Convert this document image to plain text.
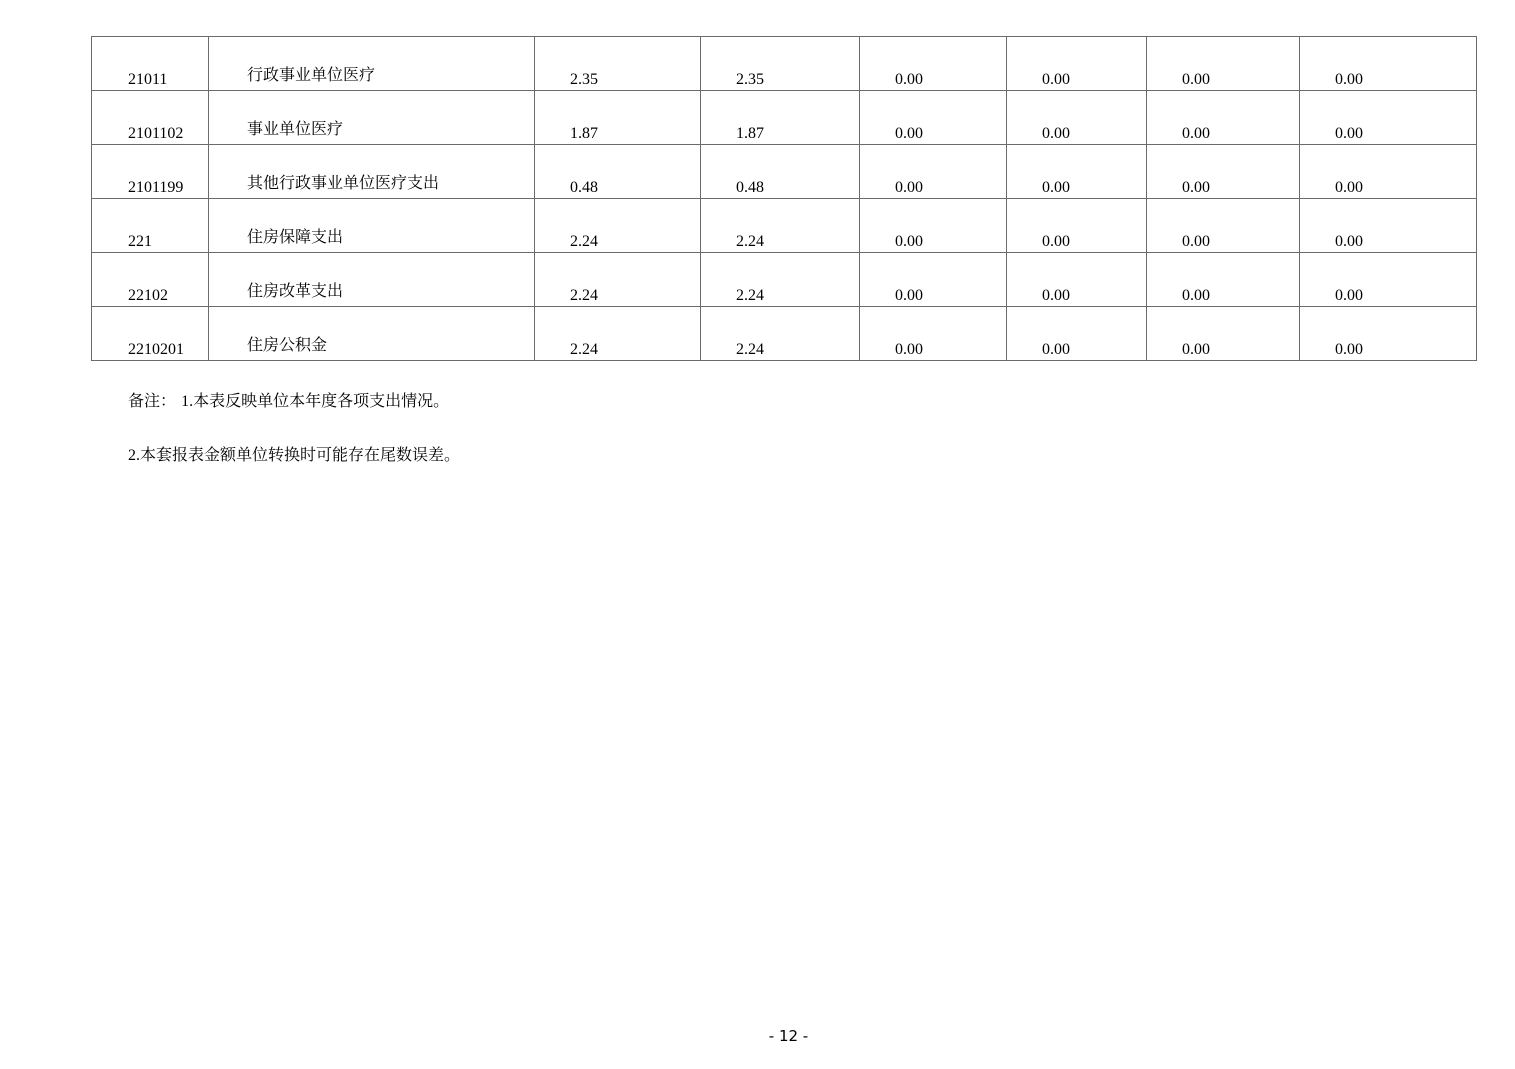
21011	行政事业单位医疗	2.35	2.35	0.00	0.00	0.00	0.00
2101102	事业单位医疗	1.87	1.87	0.00	0.00	0.00	0.00
2101199	其他行政事业单位医疗支出	0.48	0.48	0.00	0.00	0.00	0.00
221	住房保障支出	2.24	2.24	0.00	0.00	0.00	0.00
22102	住房改革支出	2.24	2.24	0.00	0.00	0.00	0.00
2210201	住房公积金	2.24	2.24	0.00	0.00	0.00	0.00
备注： 1.本表反映单位本年度各项支出情况。
2.本套报表金额单位转换时可能存在尾数误差。
- 12 -
